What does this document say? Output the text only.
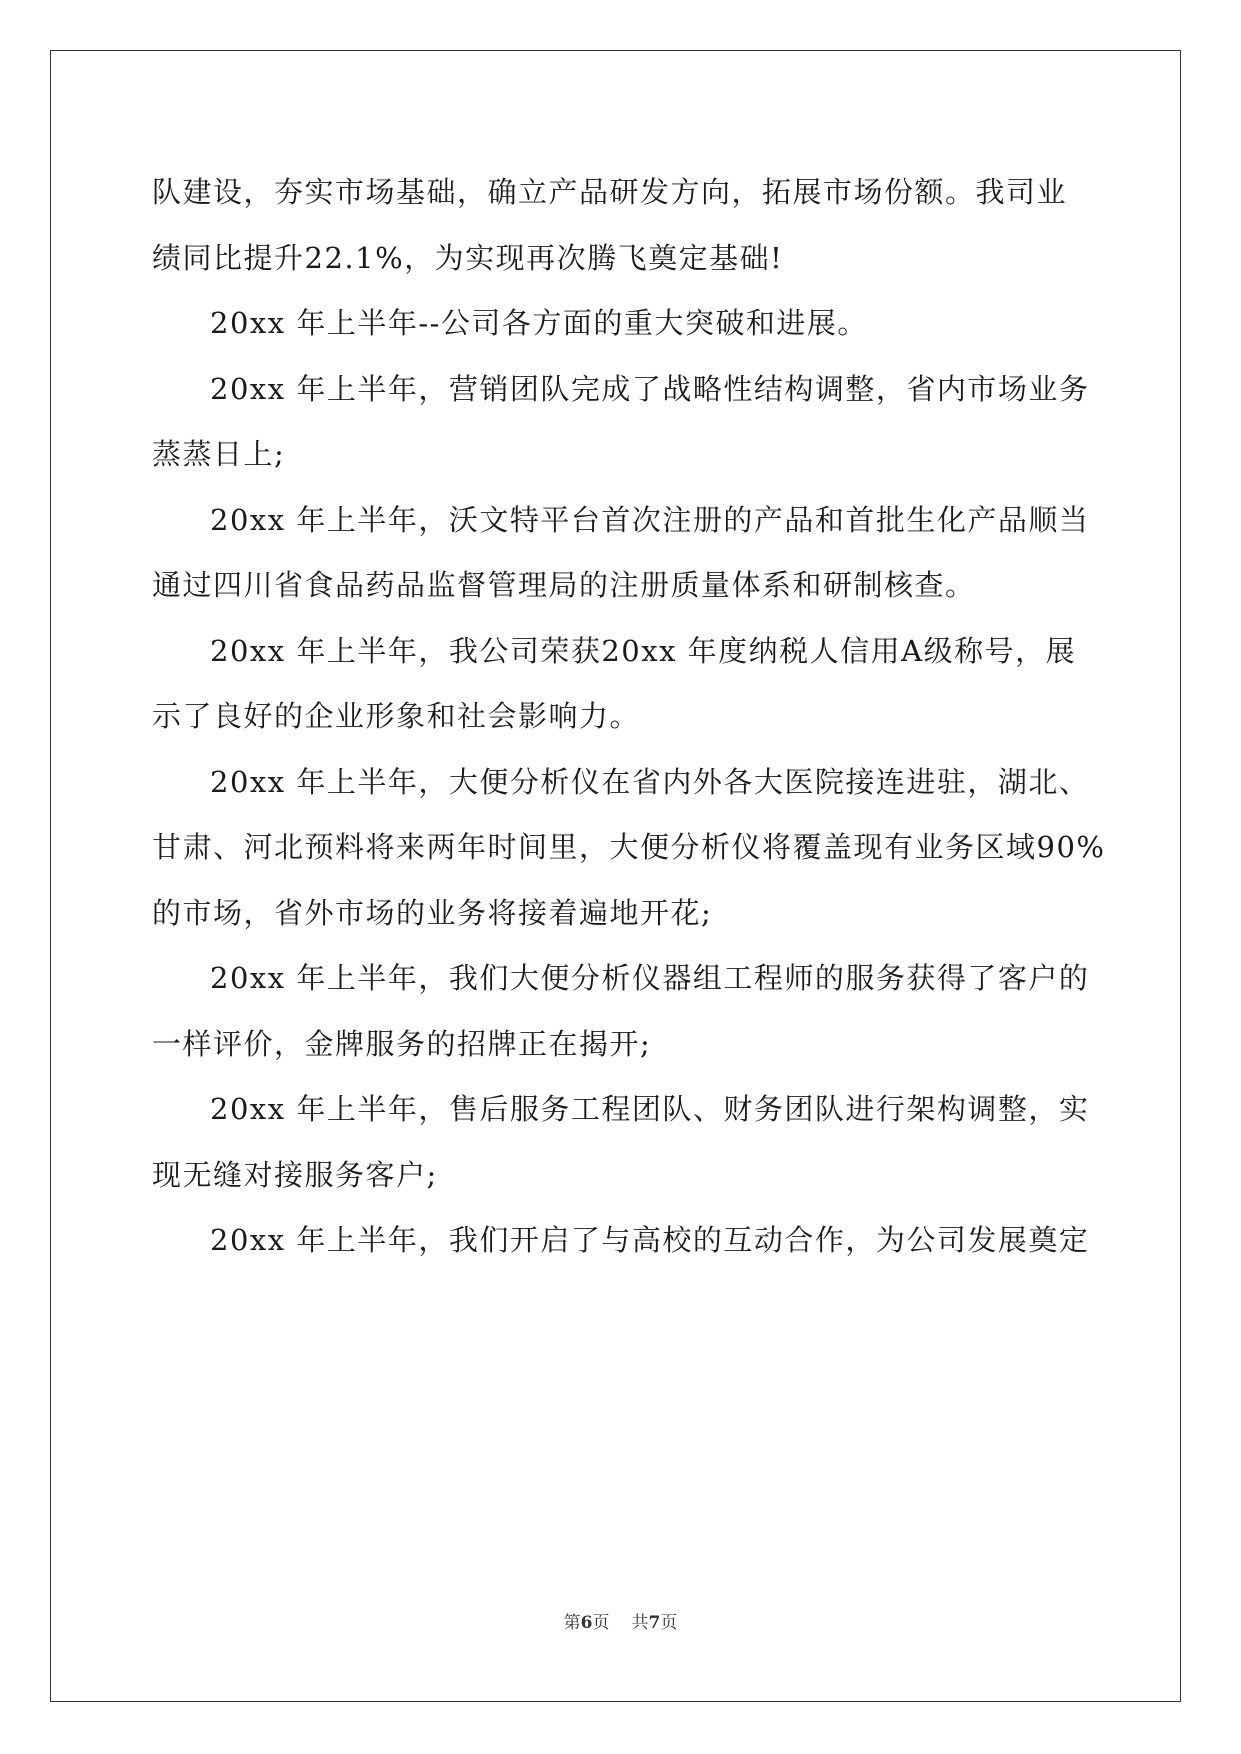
队建设，夯实市场基础，确立产品研发方向，拓展市场份额。我司业
绩同比提升22.1%，为实现再次腾飞奠定基础!
20xx 年上半年--公司各方面的重大突破和进展。
20xx 年上半年，营销团队完成了战略性结构调整，省内市场业务
蒸蒸日上;
20xx 年上半年，沃文特平台首次注册的产品和首批生化产品顺当
通过四川省食品药品监督管理局的注册质量体系和研制核查。
20xx 年上半年，我公司荣获20xx 年度纳税人信用A级称号，展
示了良好的企业形象和社会影响力。
20xx 年上半年，大便分析仪在省内外各大医院接连进驻，湖北、
甘肃、河北预料将来两年时间里，大便分析仪将覆盖现有业务区域90%
的市场，省外市场的业务将接着遍地开花;
20xx 年上半年，我们大便分析仪器组工程师的服务获得了客户的
一样评价，金牌服务的招牌正在揭开;
20xx 年上半年，售后服务工程团队、财务团队进行架构调整，实
现无缝对接服务客户;
20xx 年上半年，我们开启了与高校的互动合作，为公司发展奠定
第6页 共7页
